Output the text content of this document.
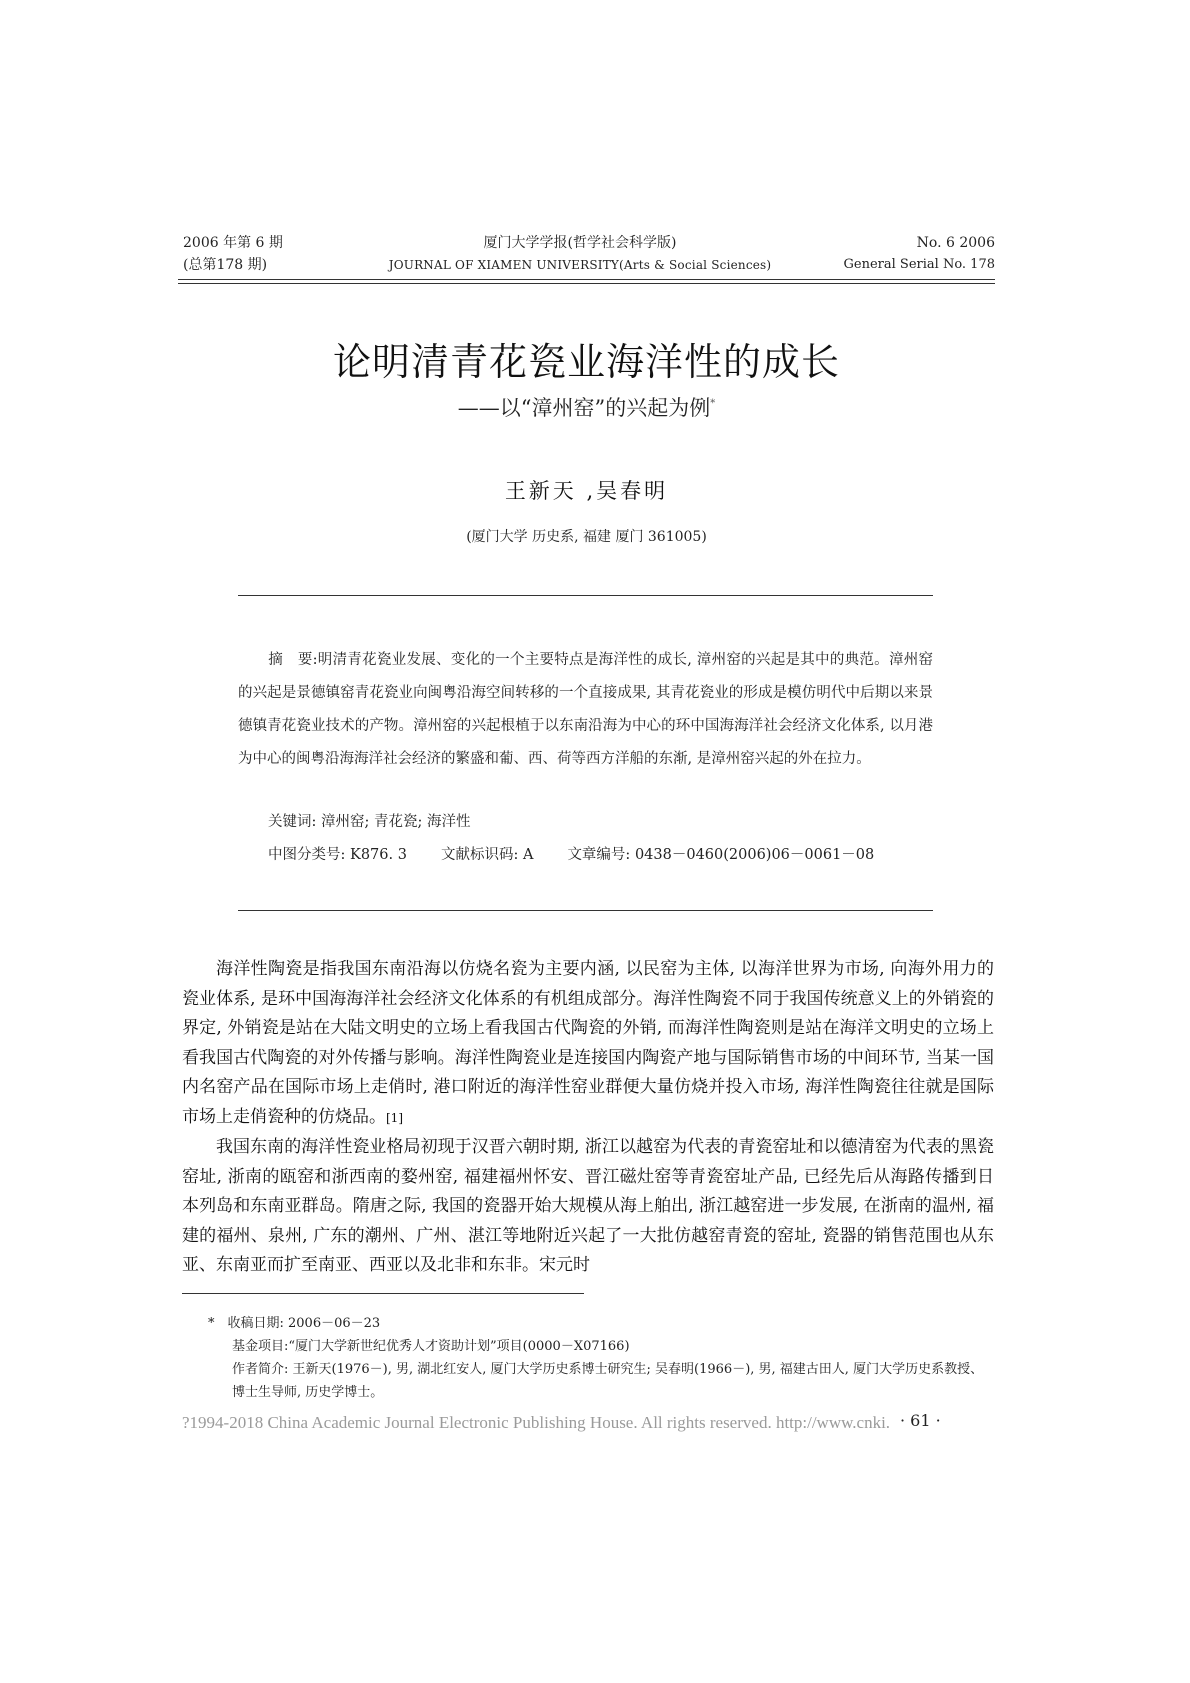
2006 年第 6 期
(总第178 期)
厦门大学学报(哲学社会科学版)
JOURNAL OF XIAMEN UNIVERSITY(Arts & Social Sciences)
No. 6 2006
General Serial No. 178
论明清青花瓷业海洋性的成长
——以“漳州窑”的兴起为例*
王新天 ,吴春明
(厦门大学 历史系, 福建 厦门 361005)
摘　要:明清青花瓷业发展、变化的一个主要特点是海洋性的成长, 漳州窑的兴起是其中的典范。漳州窑的兴起是景德镇窑青花瓷业向闽粤沿海空间转移的一个直接成果, 其青花瓷业的形成是模仿明代中后期以来景德镇青花瓷业技术的产物。漳州窑的兴起根植于以东南沿海为中心的环中国海海洋社会经济文化体系, 以月港为中心的闽粤沿海海洋社会经济的繁盛和葡、西、荷等西方洋船的东渐, 是漳州窑兴起的外在拉力。
关键词: 漳州窑; 青花瓷; 海洋性
中图分类号: K876. 3 文献标识码: A 文章编号: 0438－0460(2006)06－0061－08

海洋性陶瓷是指我国东南沿海以仿烧名瓷为主要内涵, 以民窑为主体, 以海洋世界为市场, 向海外用力的瓷业体系, 是环中国海海洋社会经济文化体系的有机组成部分。海洋性陶瓷不同于我国传统意义上的外销瓷的界定, 外销瓷是站在大陆文明史的立场上看我国古代陶瓷的外销, 而海洋性陶瓷则是站在海洋文明史的立场上看我国古代陶瓷的对外传播与影响。海洋性陶瓷业是连接国内陶瓷产地与国际销售市场的中间环节, 当某一国内名窑产品在国际市场上走俏时, 港口附近的海洋性窑业群便大量仿烧并投入市场, 海洋性陶瓷往往就是国际市场上走俏瓷种的仿烧品。[1]

我国东南的海洋性瓷业格局初现于汉晋六朝时期, 浙江以越窑为代表的青瓷窑址和以德清窑为代表的黑瓷窑址, 浙南的瓯窑和浙西南的婺州窑, 福建福州怀安、晋江磁灶窑等青瓷窑址产品, 已经先后从海路传播到日本列岛和东南亚群岛。隋唐之际, 我国的瓷器开始大规模从海上舶出, 浙江越窑进一步发展, 在浙南的温州, 福建的福州、泉州, 广东的潮州、广州、湛江等地附近兴起了一大批仿越窑青瓷的窑址, 瓷器的销售范围也从东亚、东南亚而扩至南亚、西亚以及北非和东非。宋元时

*　收稿日期: 2006－06－23
基金项目:“厦门大学新世纪优秀人才资助计划”项目(0000－X07166)
作者简介: 王新天(1976－), 男, 湖北红安人, 厦门大学历史系博士研究生; 吴春明(1966－), 男, 福建古田人, 厦门大学历史系教授、博士生导师, 历史学博士。
?1994-2018 China Academic Journal Electronic Publishing House. All rights reserved. http://www.cnki. · 61 ·
